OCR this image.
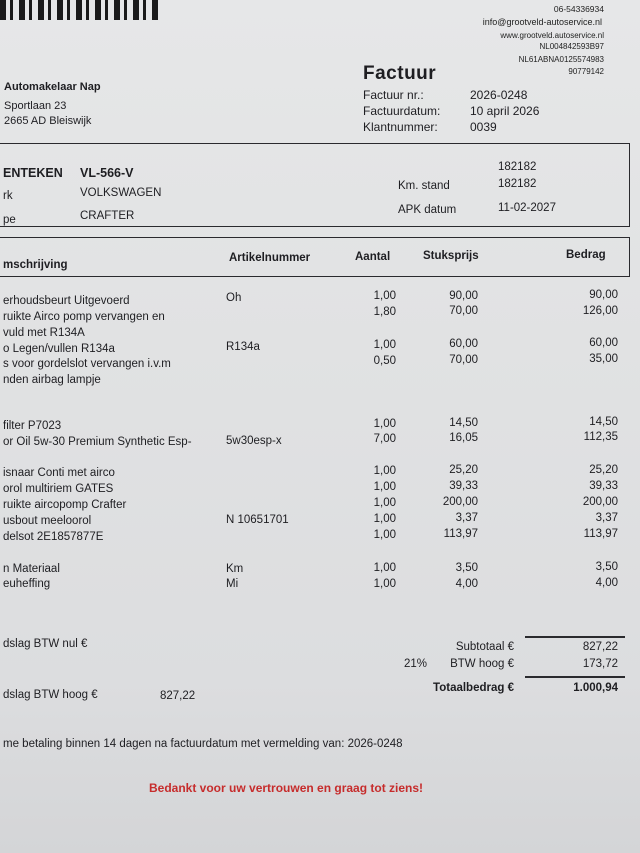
06-54336934
info@grootveld-autoservice.nl
www.grootveld.autoservice.nl
NL004842593B97
NL61ABNA0125574983
90779142
Automakelaar Nap
Sportlaan 23
2665 AD Bleiswijk
Factuur
Factuur nr.:	2026-0248
Factuurdatum: 10 april 2026
Klantnummer:	0039
ENTEKEN VL-566-V	182182
rk	VOLKSWAGEN
Km. stand	182182
pe	CRAFTER	APK datum	11-02-2027
mschrijving
Artikelnummer	Aantal	Stuksprijs	Bedrag
erhoudsbeurt Uitgevoerd	Oh	1,00	90,00	90,00
ruikte Airco pomp vervangen en	1,80	70,00	126,00
vuld met R134A
o Legen/vullen R134a	R134a	1,00	60,00	60,00
s voor gordelslot vervangen i.v.m	0,50	70,00	35,00
nden airbag lampje
filter P7023	1,00	14,50	14,50
or Oil 5w-30 Premium Synthetic Esp-	5w30esp-x	7,00	16,05	112,35
isnaar Conti met airco	1,00	25,20	25,20
orol multiriem GATES	1,00	39,33	39,33
ruikte aircopomp Crafter	1,00	200,00	200,00
usbout meeloorol	N 10651701	1,00	3,37	3,37
delsot 2E1857877E	1,00	113,97	113,97
n Materiaal	Km	1,00	3,50	3,50
euheffing	Mi	1,00	4,00	4,00
dslag BTW nul €
dslag BTW hoog €	827,22
Subtotaal €	827,22
21% BTW hoog €	173,72
Totaalbedrag €	1.000,94
me betaling binnen 14 dagen na factuurdatum met vermelding van: 2026-0248
Bedankt voor uw vertrouwen en graag tot ziens!
